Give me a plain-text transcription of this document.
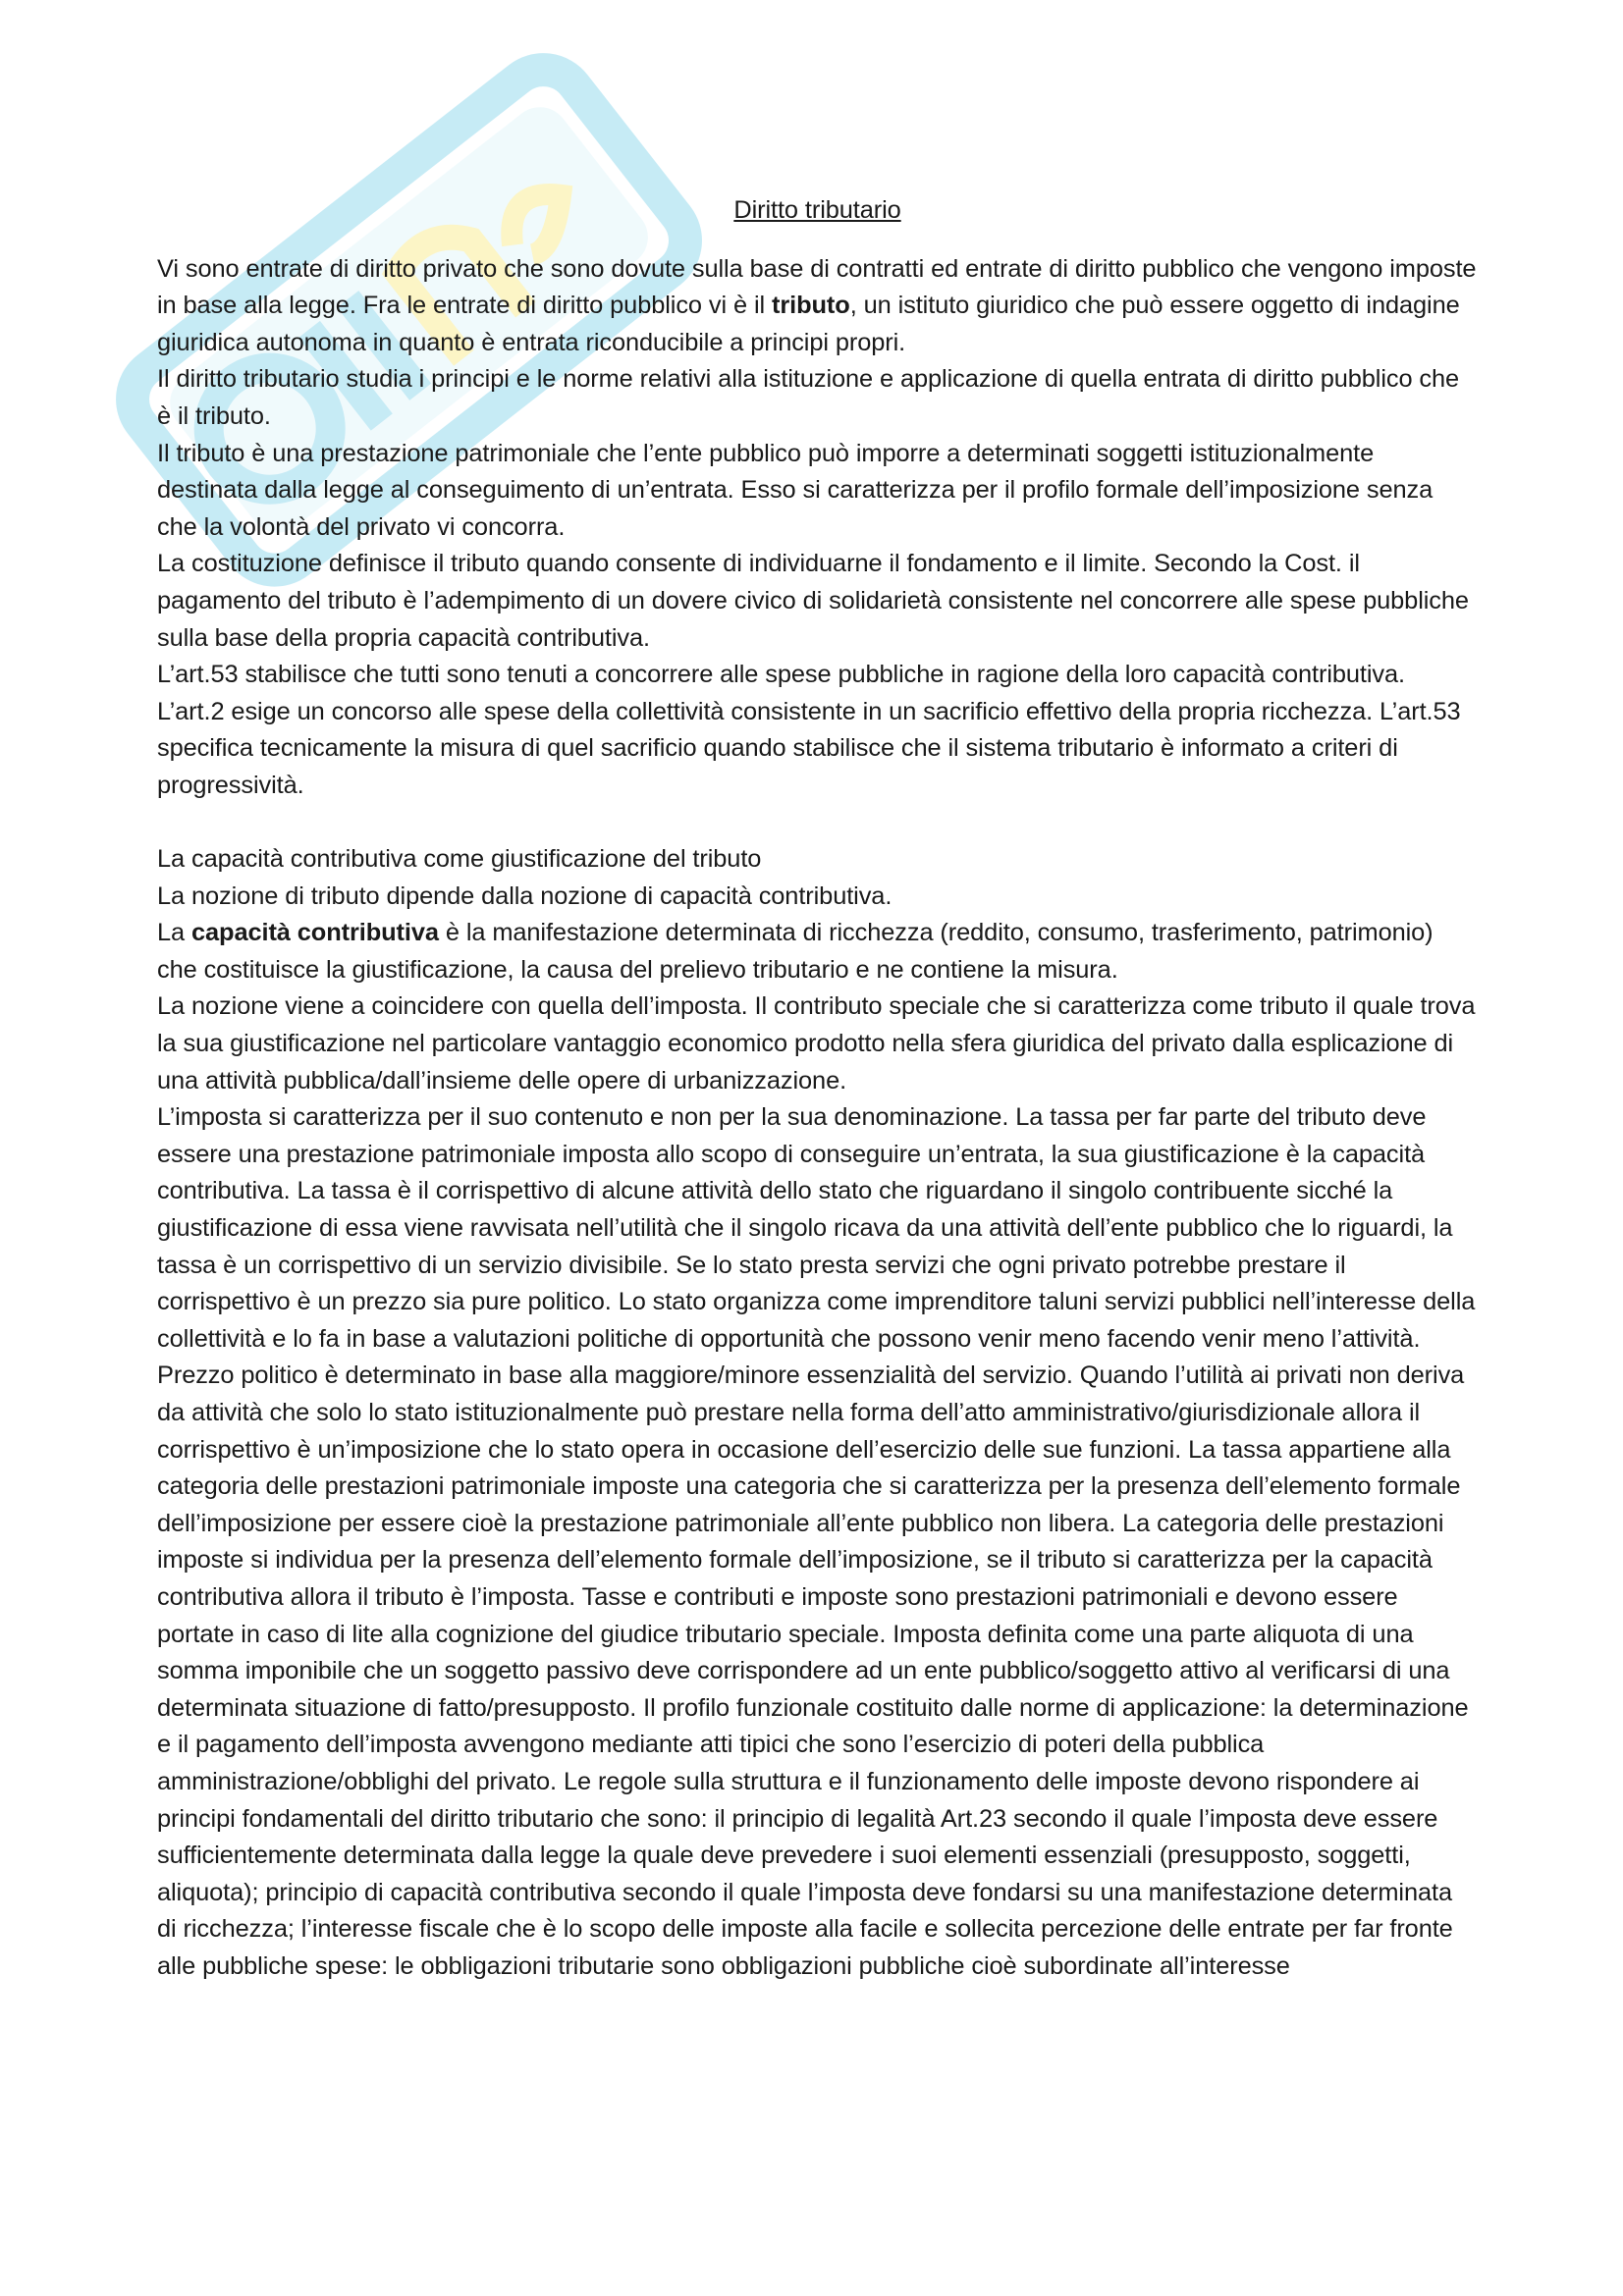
Diritto tributario

Vi sono entrate di diritto privato che sono dovute sulla base di contratti ed entrate di diritto pubblico che vengono imposte in base alla legge. Fra le entrate di diritto pubblico vi è il tributo, un istituto giuridico che può essere oggetto di indagine giuridica autonoma in quanto è entrata riconducibile a principi propri.

Il diritto tributario studia i principi e le norme relativi alla istituzione e applicazione di quella entrata di diritto pubblico che è il tributo.

Il tributo è una prestazione patrimoniale che l’ente pubblico può imporre a determinati soggetti istituzionalmente destinata dalla legge al conseguimento di un’entrata. Esso si caratterizza per il profilo formale dell’imposizione senza che la volontà del privato vi concorra.

La costituzione definisce il tributo quando consente di individuarne il fondamento e il limite. Secondo la Cost. il pagamento del tributo è l’adempimento di un dovere civico di solidarietà consistente nel concorrere alle spese pubbliche sulla base della propria capacità contributiva.

L’art.53 stabilisce che tutti sono tenuti a concorrere alle spese pubbliche in ragione della loro capacità contributiva. L’art.2 esige un concorso alle spese della collettività consistente in un sacrificio effettivo della propria ricchezza. L’art.53 specifica tecnicamente la misura di quel sacrificio quando stabilisce che il sistema tributario è informato a criteri di progressività.

La capacità contributiva come giustificazione del tributo

La nozione di tributo dipende dalla nozione di capacità contributiva.

La capacità contributiva è la manifestazione determinata di ricchezza (reddito, consumo, trasferimento, patrimonio) che costituisce la giustificazione, la causa del prelievo tributario e ne contiene la misura.

La nozione viene a coincidere con quella dell’imposta. Il contributo speciale che si caratterizza come tributo il quale trova la sua giustificazione nel particolare vantaggio economico prodotto nella sfera giuridica del privato dalla esplicazione di una attività pubblica/dall’insieme delle opere di urbanizzazione.

L’imposta si caratterizza per il suo contenuto e non per la sua denominazione. La tassa per far parte del tributo deve essere una prestazione patrimoniale imposta allo scopo di conseguire un’entrata, la sua giustificazione è la capacità contributiva. La tassa è il corrispettivo di alcune attività dello stato che riguardano il singolo contribuente sicché la giustificazione di essa viene ravvisata nell’utilità che il singolo ricava da una attività dell’ente pubblico che lo riguardi, la tassa è un corrispettivo di un servizio divisibile. Se lo stato presta servizi che ogni privato potrebbe prestare il corrispettivo è un prezzo sia pure politico. Lo stato organizza come imprenditore taluni servizi pubblici nell’interesse della collettività e lo fa in base a valutazioni politiche di opportunità che possono venir meno facendo venir meno l’attività. Prezzo politico è determinato in base alla maggiore/minore essenzialità del servizio. Quando l’utilità ai privati non deriva da attività che solo lo stato istituzionalmente può prestare nella forma dell’atto amministrativo/giurisdizionale allora il corrispettivo è un’imposizione che lo stato opera in occasione dell’esercizio delle sue funzioni. La tassa appartiene alla categoria delle prestazioni patrimoniale imposte una categoria che si caratterizza per la presenza dell’elemento formale dell’imposizione per essere cioè la prestazione patrimoniale all’ente pubblico non libera. La categoria delle prestazioni imposte si individua per la presenza dell’elemento formale dell’imposizione, se il tributo si caratterizza per la capacità contributiva allora il tributo è l’imposta. Tasse e contributi e imposte sono prestazioni patrimoniali e devono essere portate in caso di lite alla cognizione del giudice tributario speciale. Imposta definita come una parte aliquota di una somma imponibile che un soggetto passivo deve corrispondere ad un ente pubblico/soggetto attivo al verificarsi di una determinata situazione di fatto/presupposto. Il profilo funzionale costituito dalle norme di applicazione: la determinazione e il pagamento dell’imposta avvengono mediante atti tipici che sono l’esercizio di poteri della pubblica amministrazione/obblighi del privato. Le regole sulla struttura e il funzionamento delle imposte devono rispondere ai principi fondamentali del diritto tributario che sono: il principio di legalità Art.23 secondo il quale l’imposta deve essere sufficientemente determinata dalla legge la quale deve prevedere i suoi elementi essenziali (presupposto, soggetti, aliquota); principio di capacità contributiva secondo il quale l’imposta deve fondarsi su una manifestazione determinata di ricchezza; l’interesse fiscale che è lo scopo delle imposte alla facile e sollecita percezione delle entrate per far fronte alle pubbliche spese: le obbligazioni tributarie sono obbligazioni pubbliche cioè subordinate all’interesse
